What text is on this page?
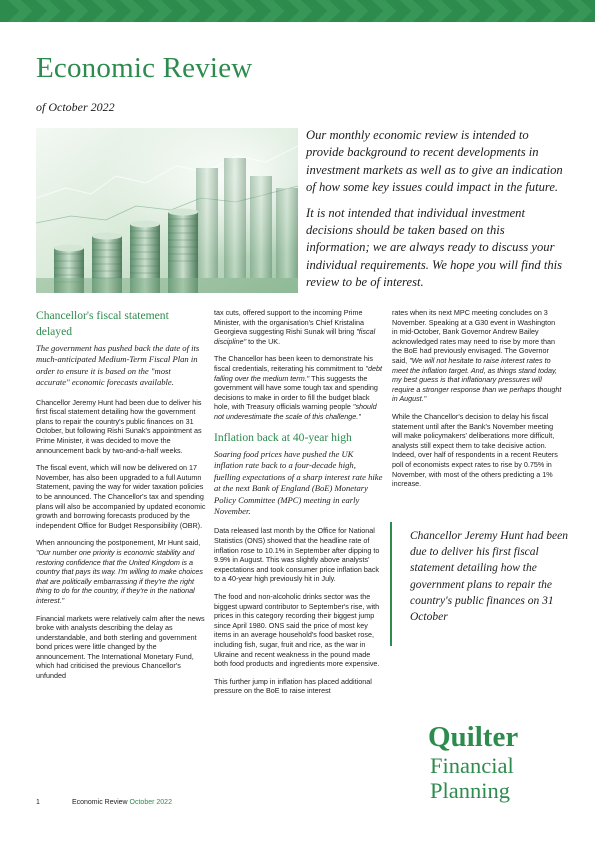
Economic Review
of October 2022

Our monthly economic review is intended to provide background to recent developments in investment markets as well as to give an indication of how some key issues could impact in the future.

It is not intended that individual investment decisions should be taken based on this information; we are always ready to discuss your individual requirements. We hope you will find this review to be of interest.

Chancellor's fiscal statement delayed
The government has pushed back the date of its much-anticipated Medium-Term Fiscal Plan in order to ensure it is based on the "most accurate" economic forecasts available.

Chancellor Jeremy Hunt had been due to deliver his first fiscal statement detailing how the government plans to repair the country's public finances on 31 October, but following Rishi Sunak's appointment as Prime Minister, it was decided to move the announcement back by two-and-a-half weeks.

The fiscal event, which will now be delivered on 17 November, has also been upgraded to a full Autumn Statement, paving the way for wider taxation policies to be announced. The Chancellor's tax and spending plans will also be accompanied by updated economic growth and borrowing forecasts produced by the independent Office for Budget Responsibility (OBR).

When announcing the postponement, Mr Hunt said, "Our number one priority is economic stability and restoring confidence that the United Kingdom is a country that pays its way. I'm willing to make choices that are politically embarrassing if they're the right thing to do for the country, if they're in the national interest."

Financial markets were relatively calm after the news broke with analysts describing the delay as understandable, and both sterling and government bond prices were little changed by the announcement. The International Monetary Fund, which had criticised the previous Chancellor's unfunded

tax cuts, offered support to the incoming Prime Minister, with the organisation's Chief Kristalina Georgieva suggesting Rishi Sunak will bring "fiscal discipline" to the UK.

The Chancellor has been keen to demonstrate his fiscal credentials, reiterating his commitment to "debt falling over the medium term." This suggests the government will have some tough tax and spending decisions to make in order to fill the budget black hole, with Treasury officials warning people "should not underestimate the scale of this challenge."

Inflation back at 40-year high
Soaring food prices have pushed the UK inflation rate back to a four-decade high, fuelling expectations of a sharp interest rate hike at the next Bank of England (BoE) Monetary Policy Committee (MPC) meeting in early November.

Data released last month by the Office for National Statistics (ONS) showed that the headline rate of inflation rose to 10.1% in September after dipping to 9.9% in August. This was slightly above analysts' expectations and took consumer price inflation back to a 40-year high previously hit in July.

The food and non-alcoholic drinks sector was the biggest upward contributor to September's rise, with prices in this category recording their biggest jump since April 1980. ONS said the price of most key items in an average household's food basket rose, including fish, sugar, fruit and rice, as the war in Ukraine and recent weakness in the pound made both food products and ingredients more expensive.

This further jump in inflation has placed additional pressure on the BoE to raise interest

rates when its next MPC meeting concludes on 3 November. Speaking at a G30 event in Washington in mid-October, Bank Governor Andrew Bailey acknowledged rates may need to rise by more than the BoE had previously envisaged. The Governor said, "We will not hesitate to raise interest rates to meet the inflation target. And, as things stand today, my best guess is that inflationary pressures will require a stronger response than we perhaps thought in August."

While the Chancellor's decision to delay his fiscal statement until after the Bank's November meeting will make policymakers' deliberations more difficult, analysts still expect them to take decisive action. Indeed, over half of respondents in a recent Reuters poll of economists expect rates to rise by 0.75% in November, with most of the others predicting a 1% increase.

Chancellor Jeremy Hunt had been due to deliver his first fiscal statement detailing how the government plans to repair the country's public finances on 31 October
Quilter
Financial
Planning
1	Economic Review October 2022
